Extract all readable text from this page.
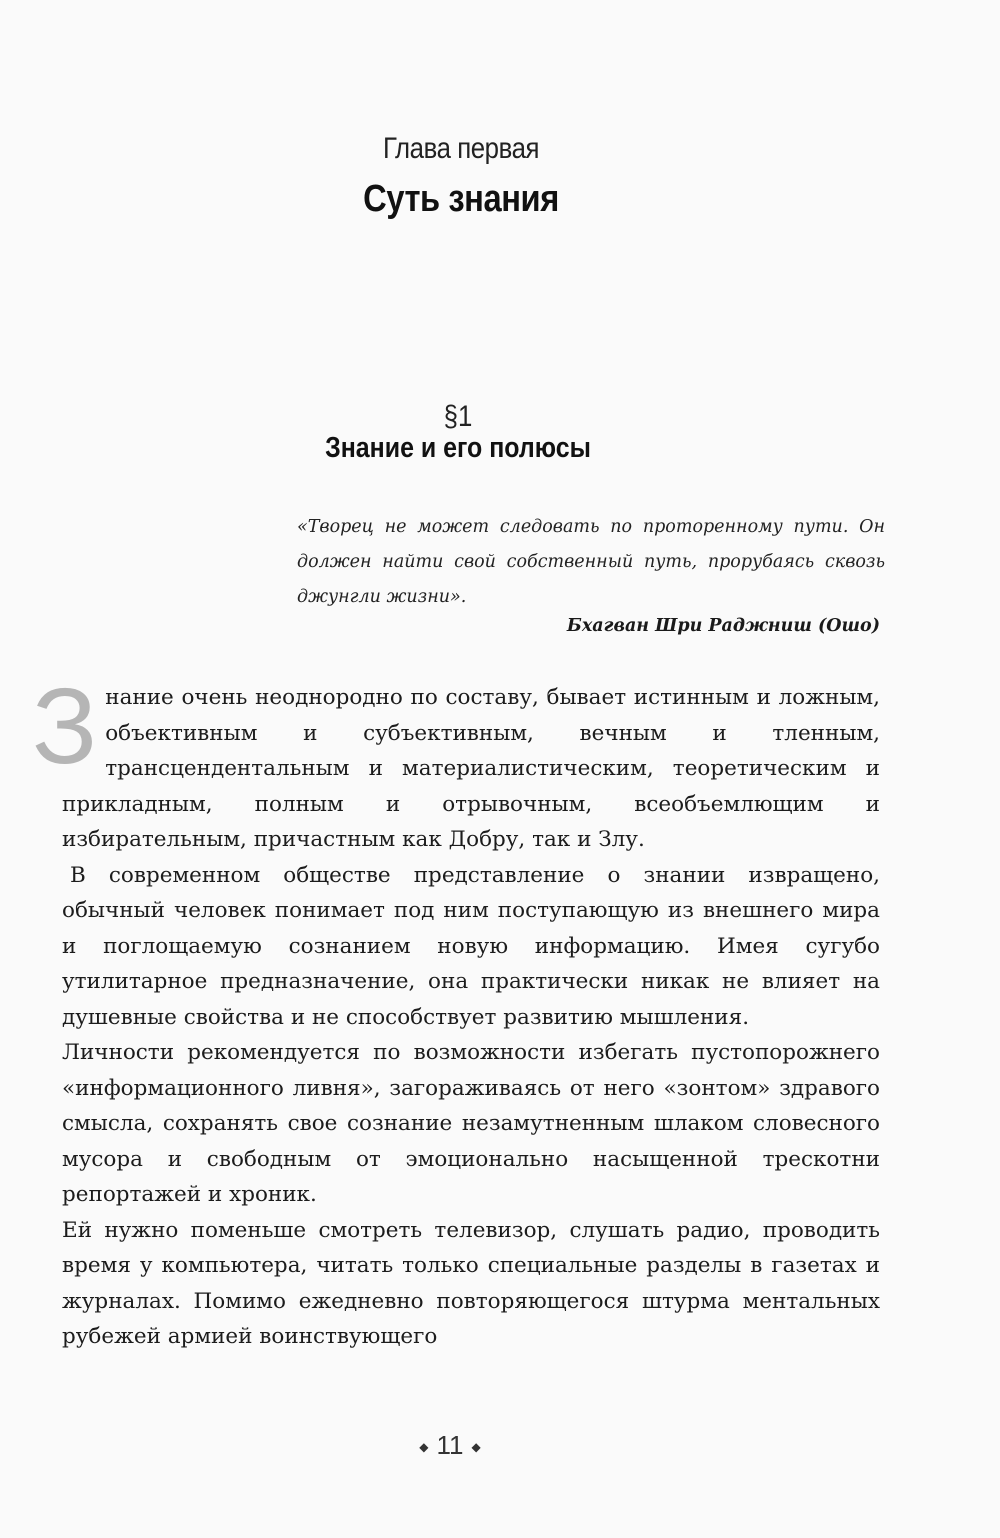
Глава первая
Суть знания
§1
Знание и его полюсы
«Творец не может следовать по проторенному пути. Он должен найти свой собственный путь, прорубаясь сквозь джунгли жизни».
Бхагван Шри Раджниш (Ошо)

Знание очень неоднородно по составу, бывает истинным и ложным, объективным и субъективным, вечным и тленным, трансцендентальным и материалистическим, теоретическим и прикладным, полным и отрывочным, всеобъемлющим и избирательным, причастным как Добру, так и Злу.

В современном обществе представление о знании извращено, обычный человек понимает под ним поступающую из внешнего мира и поглощаемую сознанием новую информацию. Имея сугубо утилитарное предназначение, она практически никак не влияет на душевные свойства и не способствует развитию мышления.

Личности рекомендуется по возможности избегать пустопорожнего «информационного ливня», загораживаясь от него «зонтом» здравого смысла, сохранять свое сознание незамутненным шлаком словесного мусора и свободным от эмоционально насыщенной трескотни репортажей и хроник.

Ей нужно поменьше смотреть телевизор, слушать радио, проводить время у компьютера, читать только специальные разделы в газетах и журналах. Помимо ежедневно повторяющегося штурма ментальных рубежей армией воинствующего

◆ 11 ◆
